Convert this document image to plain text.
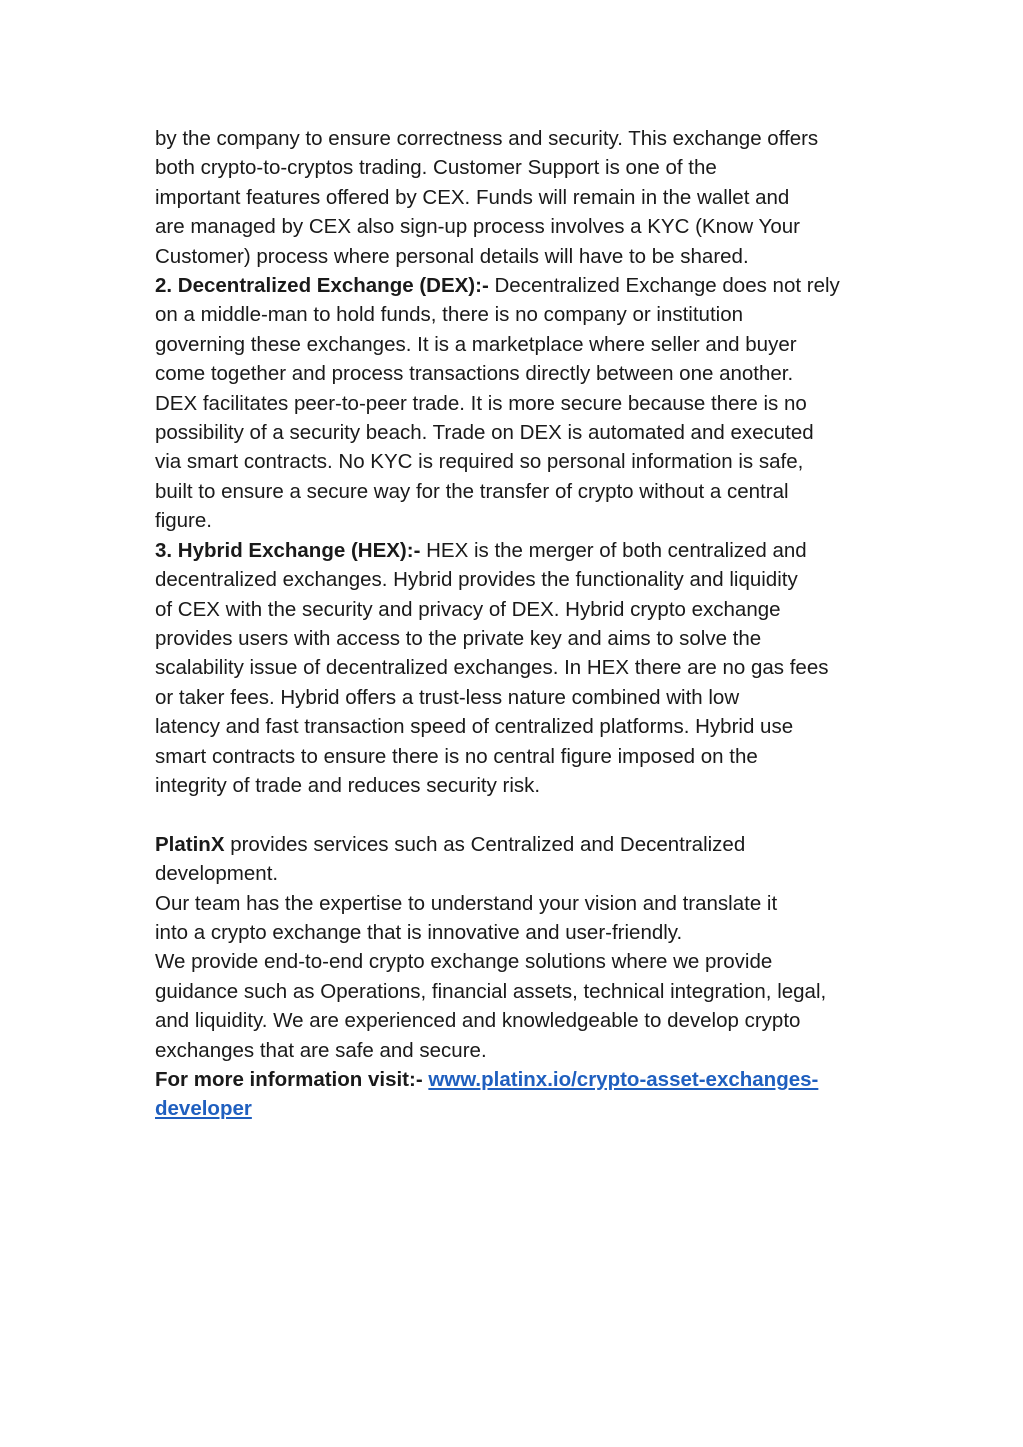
by the company to ensure correctness and security. This exchange offers
both crypto-to-cryptos trading. Customer Support is one of the
important features offered by CEX. Funds will remain in the wallet and
are managed by CEX also sign-up process involves a KYC (Know Your
Customer) process where personal details will have to be shared.
2. Decentralized Exchange (DEX):- Decentralized Exchange does not rely
on a middle-man to hold funds, there is no company or institution
governing these exchanges. It is a marketplace where seller and buyer
come together and process transactions directly between one another.
DEX facilitates peer-to-peer trade. It is more secure because there is no
possibility of a security beach. Trade on DEX is automated and executed
via smart contracts. No KYC is required so personal information is safe,
built to ensure a secure way for the transfer of crypto without a central
figure.
3. Hybrid Exchange (HEX):- HEX is the merger of both centralized and
decentralized exchanges. Hybrid provides the functionality and liquidity
of CEX with the security and privacy of DEX. Hybrid crypto exchange
provides users with access to the private key and aims to solve the
scalability issue of decentralized exchanges. In HEX there are no gas fees
or taker fees. Hybrid offers a trust-less nature combined with low
latency and fast transaction speed of centralized platforms. Hybrid use
smart contracts to ensure there is no central figure imposed on the
integrity of trade and reduces security risk.
PlatinX provides services such as Centralized and Decentralized
development.
Our team has the expertise to understand your vision and translate it
into a crypto exchange that is innovative and user-friendly.
We provide end-to-end crypto exchange solutions where we provide
guidance such as Operations, financial assets, technical integration, legal,
and liquidity. We are experienced and knowledgeable to develop crypto
exchanges that are safe and secure.
For more information visit:- www.platinx.io/crypto-asset-exchanges-
developer
